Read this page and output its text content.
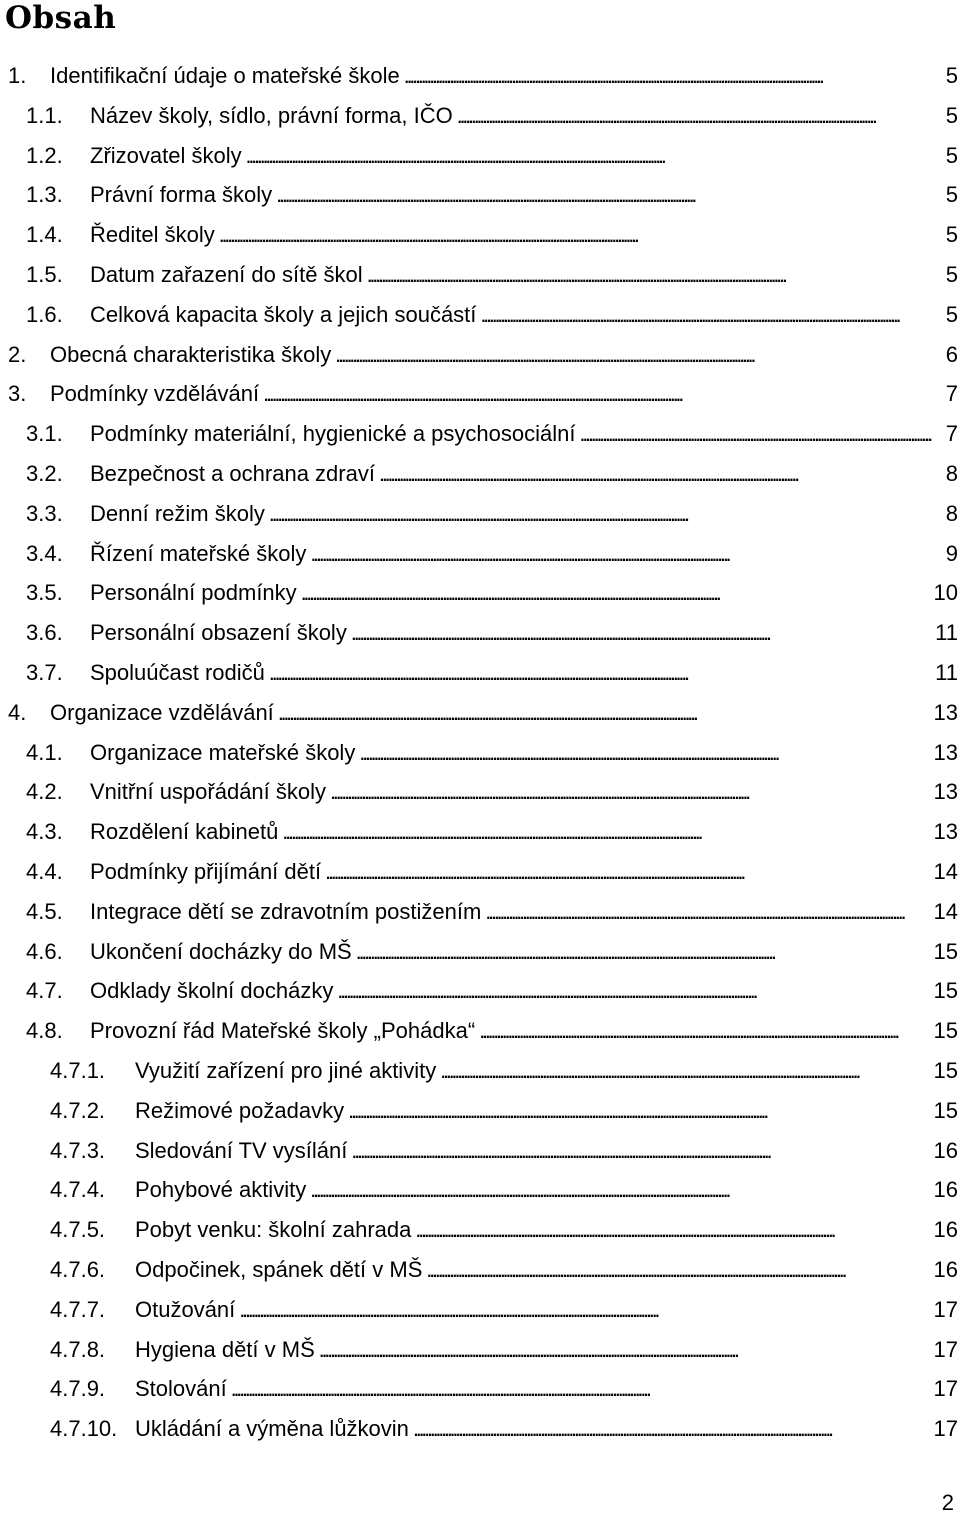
Obsah
1. Identifikační údaje o mateřské škole . . .	5
1.1. Název školy, sídlo, právní forma, IČO . . .	5
1.2. Zřizovatel školy . . .	5
1.3. Právní forma školy . . .	5
1.4. Ředitel školy . . .	5
1.5. Datum zařazení do sítě škol . . .	5
1.6. Celková kapacita školy a jejich součástí . . .	5
2. Obecná charakteristika školy . . .	6
3. Podmínky vzdělávání . . .	7
3.1. Podmínky materiální, hygienické a psychosociální . . .	7
3.2. Bezpečnost a ochrana zdraví . . .	8
3.3. Denní režim školy . . .	8
3.4. Řízení mateřské školy . . .	9
3.5. Personální podmínky . . .	10
3.6. Personální obsazení školy . . .	11
3.7. Spoluúčast rodičů . . .	11
4. Organizace vzdělávání . . .	13
4.1. Organizace mateřské školy . . .	13
4.2. Vnitřní uspořádání školy . . .	13
4.3. Rozdělení kabinetů . . .	13
4.4. Podmínky přijímání dětí . . .	14
4.5. Integrace dětí se zdravotním postižením . . .	14
4.6. Ukončení docházky do MŠ . . .	15
4.7. Odklady školní docházky . . .	15
4.8. Provozní řád Mateřské školy „Pohádka“ . . .	15
4.7.1. Využití zařízení pro jiné aktivity . . .	15
4.7.2. Režimové požadavky . . .	15
4.7.3. Sledování TV vysílání . . .	16
4.7.4. Pohybové aktivity . . .	16
4.7.5. Pobyt venku: školní zahrada . . .	16
4.7.6. Odpočinek, spánek dětí v MŠ . . .	16
4.7.7. Otužování . . .	17
4.7.8. Hygiena dětí v MŠ . . .	17
4.7.9. Stolování . . .	17
4.7.10. Ukládání a výměna lůžkovin . . .	17
2
